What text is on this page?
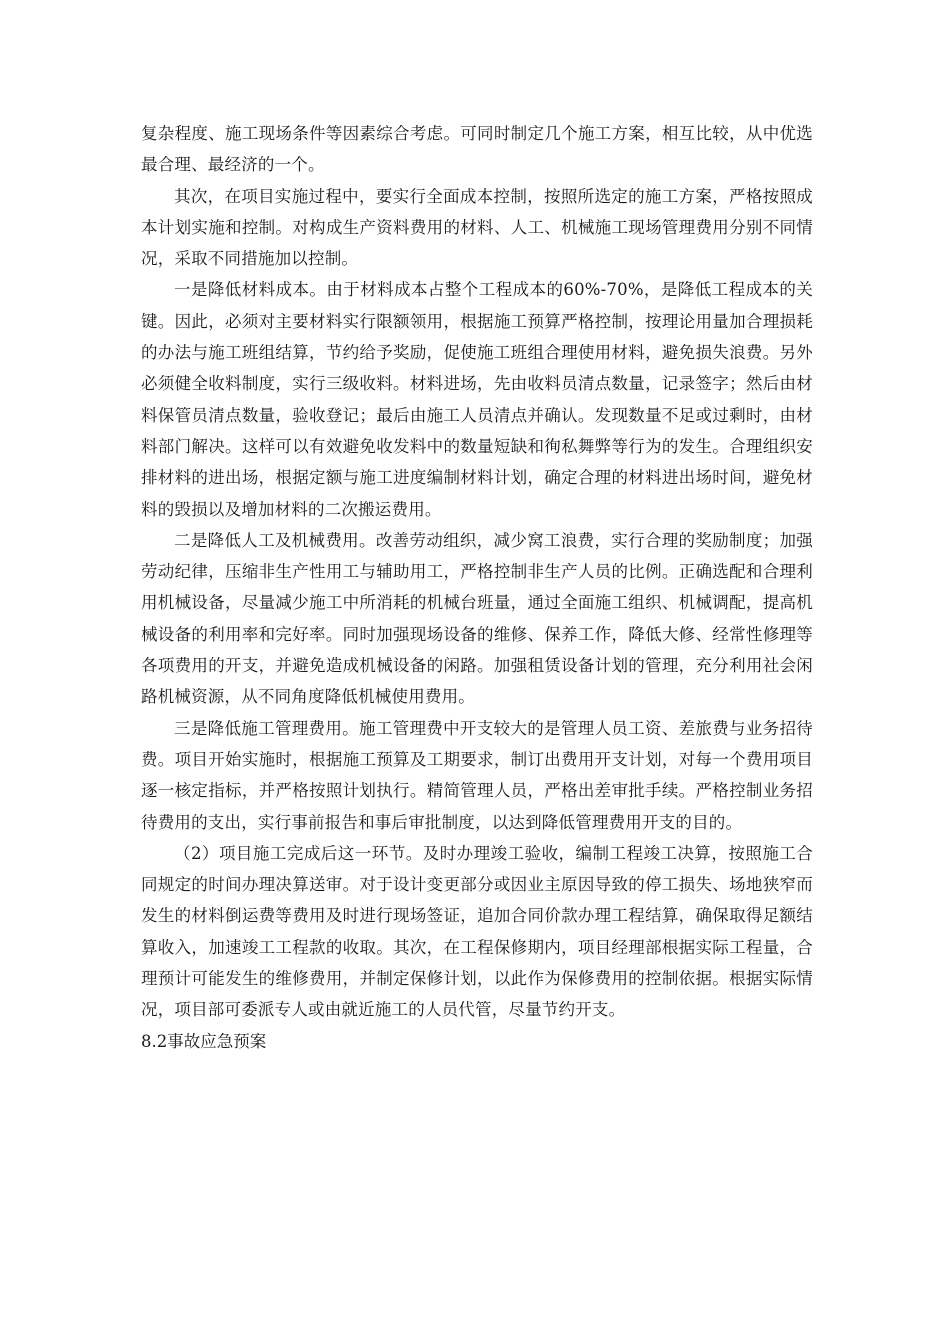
复杂程度、施工现场条件等因素综合考虑。可同时制定几个施工方案，相互比较，从中优选最合理、最经济的一个。

其次，在项目实施过程中，要实行全面成本控制，按照所选定的施工方案，严格按照成本计划实施和控制。对构成生产资料费用的材料、人工、机械施工现场管理费用分别不同情况，采取不同措施加以控制。

一是降低材料成本。由于材料成本占整个工程成本的60%-70%，是降低工程成本的关键。因此，必须对主要材料实行限额领用，根据施工预算严格控制，按理论用量加合理损耗的办法与施工班组结算，节约给予奖励，促使施工班组合理使用材料，避免损失浪费。另外必须健全收料制度，实行三级收料。材料进场，先由收料员清点数量，记录签字；然后由材料保管员清点数量，验收登记；最后由施工人员清点并确认。发现数量不足或过剩时，由材料部门解决。这样可以有效避免收发料中的数量短缺和徇私舞弊等行为的发生。合理组织安排材料的进出场，根据定额与施工进度编制材料计划，确定合理的材料进出场时间，避免材料的毁损以及增加材料的二次搬运费用。

二是降低人工及机械费用。改善劳动组织，减少窝工浪费，实行合理的奖励制度；加强劳动纪律，压缩非生产性用工与辅助用工，严格控制非生产人员的比例。正确选配和合理利用机械设备，尽量减少施工中所消耗的机械台班量，通过全面施工组织、机械调配，提高机械设备的利用率和完好率。同时加强现场设备的维修、保养工作，降低大修、经常性修理等各项费用的开支，并避免造成机械设备的闲路。加强租赁设备计划的管理，充分利用社会闲路机械资源，从不同角度降低机械使用费用。

三是降低施工管理费用。施工管理费中开支较大的是管理人员工资、差旅费与业务招待费。项目开始实施时，根据施工预算及工期要求，制订出费用开支计划，对每一个费用项目逐一核定指标，并严格按照计划执行。精简管理人员，严格出差审批手续。严格控制业务招待费用的支出，实行事前报告和事后审批制度，以达到降低管理费用开支的目的。

（2）项目施工完成后这一环节。及时办理竣工验收，编制工程竣工决算，按照施工合同规定的时间办理决算送审。对于设计变更部分或因业主原因导致的停工损失、场地狭窄而发生的材料倒运费等费用及时进行现场签证，追加合同价款办理工程结算，确保取得足额结算收入，加速竣工工程款的收取。其次，在工程保修期内，项目经理部根据实际工程量，合理预计可能发生的维修费用，并制定保修计划，以此作为保修费用的控制依据。根据实际情况，项目部可委派专人或由就近施工的人员代管，尽量节约开支。

8.2事故应急预案
